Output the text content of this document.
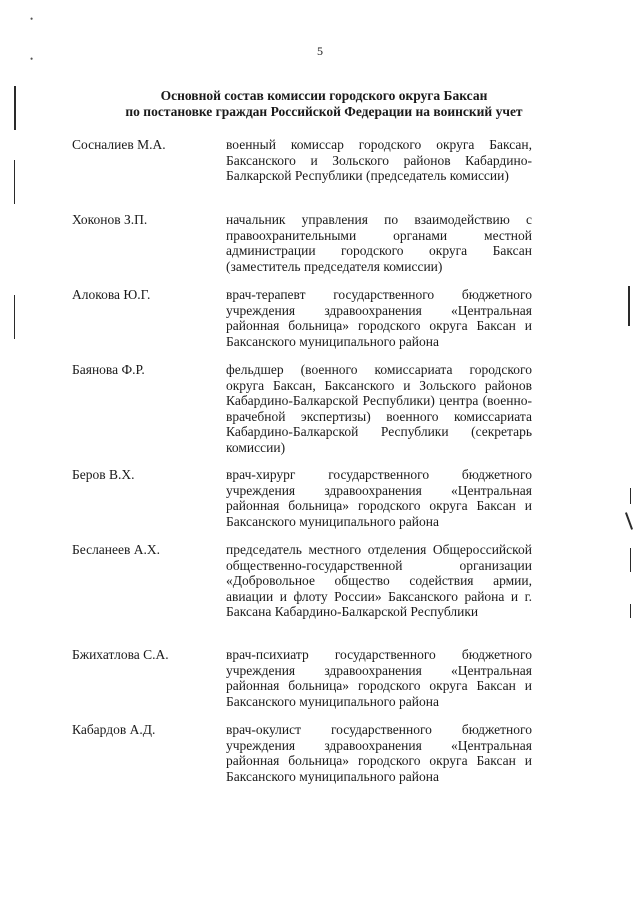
•
•
5
Основной состав комиссии городского округа Баксан
по постановке граждан Российской Федерации на воинский учет
Сосналиев М.А.	военный комиссар городского округа Баксан, Баксанского и Зольского районов Кабардино-Балкарской Республики (председатель комиссии)
Хоконов З.П.	начальник управления по взаимодействию с правоохранительными органами местной администрации городского округа Баксан (заместитель председателя комиссии)
Алокова Ю.Г.	врач-терапевт государственного бюджетного учреждения здравоохранения «Центральная районная больница» городского округа Баксан и Баксанского муниципального района
Баянова Ф.Р.	фельдшер (военного комиссариата городского округа Баксан, Баксанского и Зольского районов Кабардино-Балкарской Республики) центра (военно-врачебной экспертизы) военного комиссариата Кабардино-Балкарской Республики (секретарь комиссии)
Беров В.Х.	врач-хирург государственного бюджетного учреждения здравоохранения «Центральная районная больница» городского округа Баксан и Баксанского муниципального района
Бесланеев А.Х.	председатель местного отделения Общероссийской общественно-государственной организации «Добровольное общество содействия армии, авиации и флоту России» Баксанского района и г. Баксана Кабардино-Балкарской Республики
Бжихатлова С.А.	врач-психиатр государственного бюджетного учреждения здравоохранения «Центральная районная больница» городского округа Баксан и Баксанского муниципального района
Кабардов А.Д.	врач-окулист государственного бюджетного учреждения здравоохранения «Центральная районная больница» городского округа Баксан и Баксанского муниципального района
